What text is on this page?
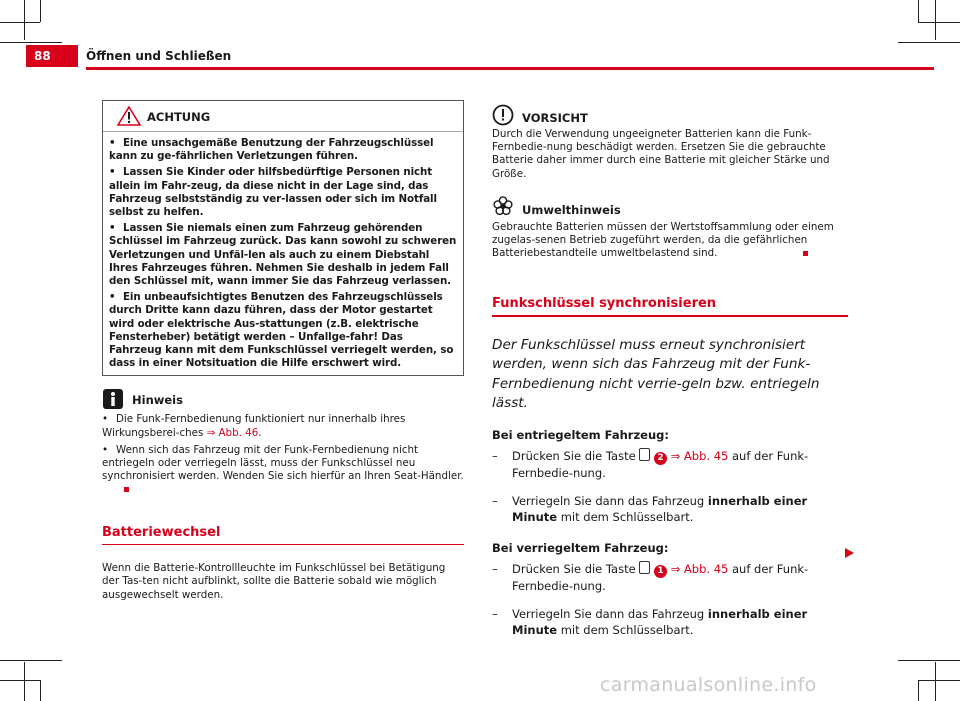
88	Öffnen und Schließen
ACHTUNG
• Eine unsachgemäße Benutzung der Fahrzeugschlüssel kann zu ge-fährlichen Verletzungen führen.
• Lassen Sie Kinder oder hilfsbedürftige Personen nicht allein im Fahr-zeug, da diese nicht in der Lage sind, das Fahrzeug selbstständig zu ver-lassen oder sich im Notfall selbst zu helfen.
• Lassen Sie niemals einen zum Fahrzeug gehörenden Schlüssel im Fahrzeug zurück. Das kann sowohl zu schweren Verletzungen und Unfäl-len als auch zu einem Diebstahl Ihres Fahrzeuges führen. Nehmen Sie deshalb in jedem Fall den Schlüssel mit, wann immer Sie das Fahrzeug verlassen.
• Ein unbeaufsichtigtes Benutzen des Fahrzeugschlüssels durch Dritte kann dazu führen, dass der Motor gestartet wird oder elektrische Aus-stattungen (z.B. elektrische Fensterheber) betätigt werden – Unfallge-fahr! Das Fahrzeug kann mit dem Funkschlüssel verriegelt werden, so dass in einer Notsituation die Hilfe erschwert wird.
Hinweis
• Die Funk-Fernbedienung funktioniert nur innerhalb ihres Wirkungsberei-ches ⇒ Abb. 46.
• Wenn sich das Fahrzeug mit der Funk-Fernbedienung nicht entriegeln oder verriegeln lässt, muss der Funkschlüssel neu synchronisiert werden. Wenden Sie sich hierfür an Ihren Seat-Händler.
Batteriewechsel
Wenn die Batterie-Kontrollleuchte im Funkschlüssel bei Betätigung der Tas-ten nicht aufblinkt, sollte die Batterie sobald wie möglich ausgewechselt werden.
VORSICHT
Durch die Verwendung ungeeigneter Batterien kann die Funk-Fernbedie-nung beschädigt werden. Ersetzen Sie die gebrauchte Batterie daher immer durch eine Batterie mit gleicher Stärke und Größe.
Umwelthinweis
Gebrauchte Batterien müssen der Wertstoffsammlung oder einem zugelas-senen Betrieb zugeführt werden, da die gefährlichen Batteriebestandteile umweltbelastend sind.
Funkschlüssel synchronisieren
Der Funkschlüssel muss erneut synchronisiert werden, wenn sich das Fahrzeug mit der Funk-Fernbedienung nicht verrie-geln bzw. entriegeln lässt.
Bei entriegeltem Fahrzeug:
– Drücken Sie die Taste 2 ⇒ Abb. 45 auf der Funk-Fernbedie-nung.
– Verriegeln Sie dann das Fahrzeug innerhalb einer Minute mit dem Schlüsselbart.
Bei verriegeltem Fahrzeug:
– Drücken Sie die Taste 1 ⇒ Abb. 45 auf der Funk-Fernbedie-nung.
– Verriegeln Sie dann das Fahrzeug innerhalb einer Minute mit dem Schlüsselbart.
carmanualsonline.info
